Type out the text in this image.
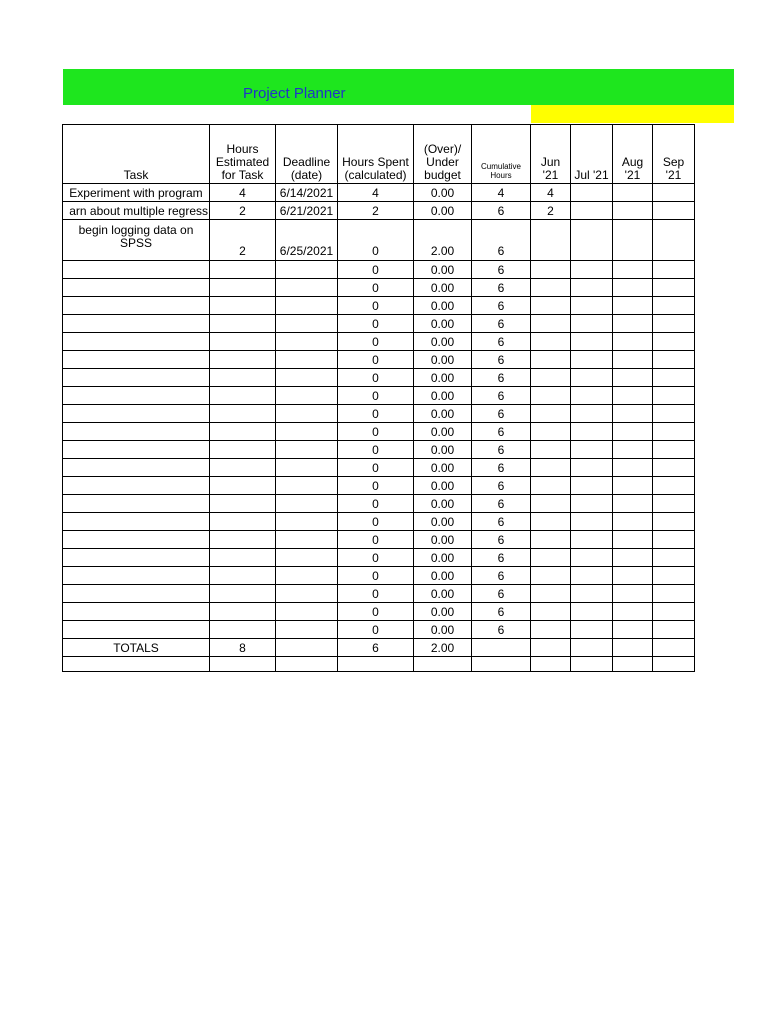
Project Planner
Task	Hours Estimated for Task	Deadline (date)	Hours Spent (calculated)	(Over)/ Under budget	Cumulative Hours	Jun '21	Jul '21	Aug '21	Sep '21
Experiment with program	4	6/14/2021	4	0.00	4	4			
arn about multiple regress	2	6/21/2021	2	0.00	6	2			
begin logging data on SPSS	2	6/25/2021	0	2.00	6				
			0	0.00	6				
			0	0.00	6				
			0	0.00	6				
			0	0.00	6				
			0	0.00	6				
			0	0.00	6				
			0	0.00	6				
			0	0.00	6				
			0	0.00	6				
			0	0.00	6				
			0	0.00	6				
			0	0.00	6				
			0	0.00	6				
			0	0.00	6				
			0	0.00	6				
			0	0.00	6				
			0	0.00	6				
			0	0.00	6				
			0	0.00	6				
			0	0.00	6				
			0	0.00	6				
TOTALS	8		6	2.00					
